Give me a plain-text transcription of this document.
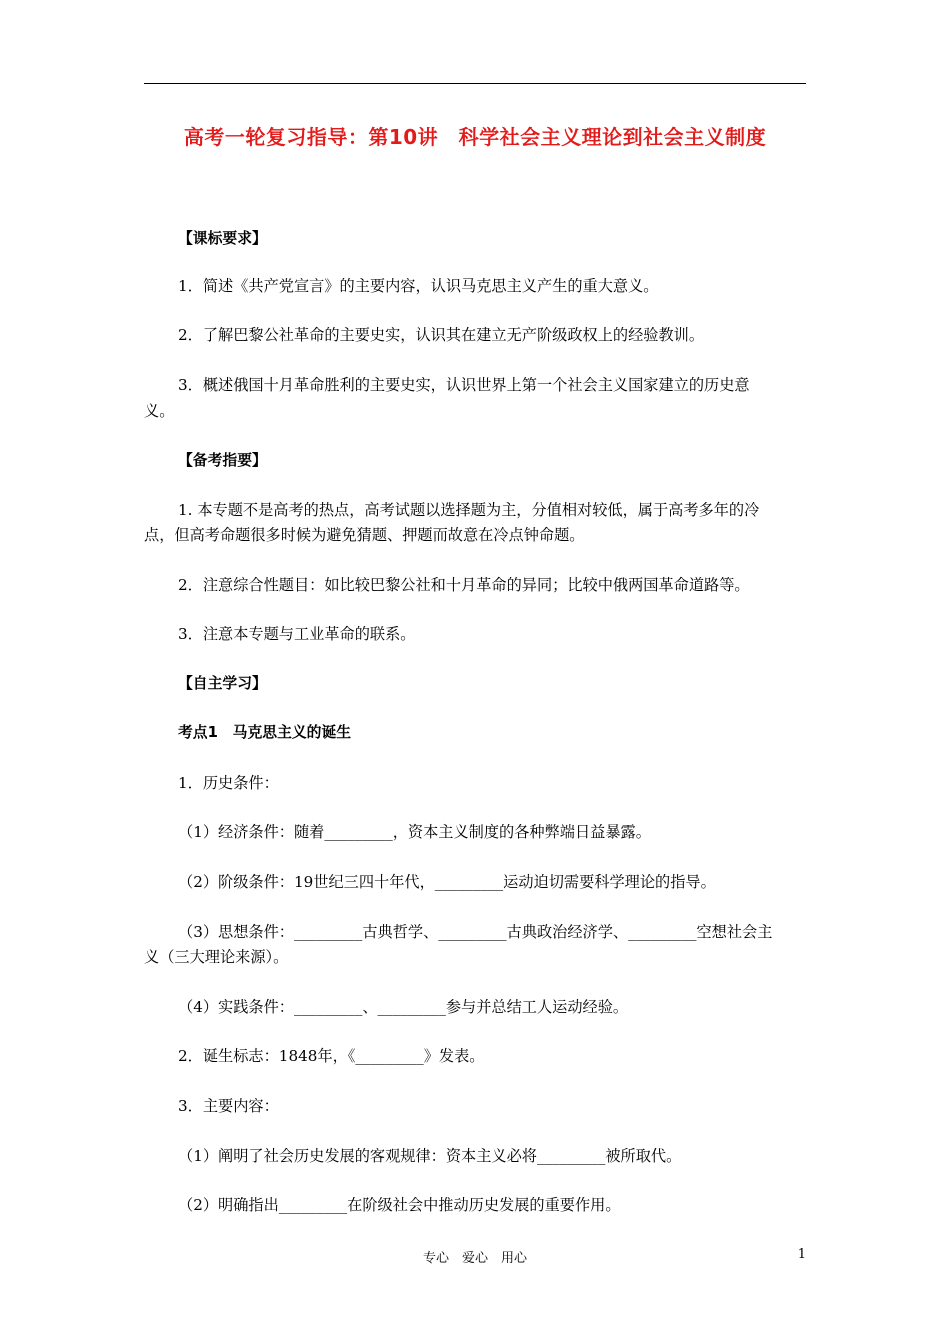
高考一轮复习指导：第10讲　科学社会主义理论到社会主义制度
【课标要求】
1．简述《共产党宣言》的主要内容，认识马克思主义产生的重大意义。
2．了解巴黎公社革命的主要史实，认识其在建立无产阶级政权上的经验教训。
3．概述俄国十月革命胜利的主要史实，认识世界上第一个社会主义国家建立的历史意
义。
【备考指要】
1. 本专题不是高考的热点，高考试题以选择题为主，分值相对较低，属于高考多年的冷
点，但高考命题很多时候为避免猜题、押题而故意在冷点钟命题。
2．注意综合性题目：如比较巴黎公社和十月革命的异同；比较中俄两国革命道路等。
3．注意本专题与工业革命的联系。
【自主学习】
考点1　马克思主义的诞生
1．历史条件：
（1）经济条件：随着_________，资本主义制度的各种弊端日益暴露。
（2）阶级条件：19世纪三四十年代，_________运动迫切需要科学理论的指导。
（3）思想条件：_________古典哲学、_________古典政治经济学、_________空想社会主
义（三大理论来源）。
（4）实践条件：_________、_________参与并总结工人运动经验。
2．诞生标志：1848年，《_________》发表。
3．主要内容：
（1）阐明了社会历史发展的客观规律：资本主义必将_________被所取代。
（2）明确指出_________在阶级社会中推动历史发展的重要作用。
专心　爱心　用心	1
